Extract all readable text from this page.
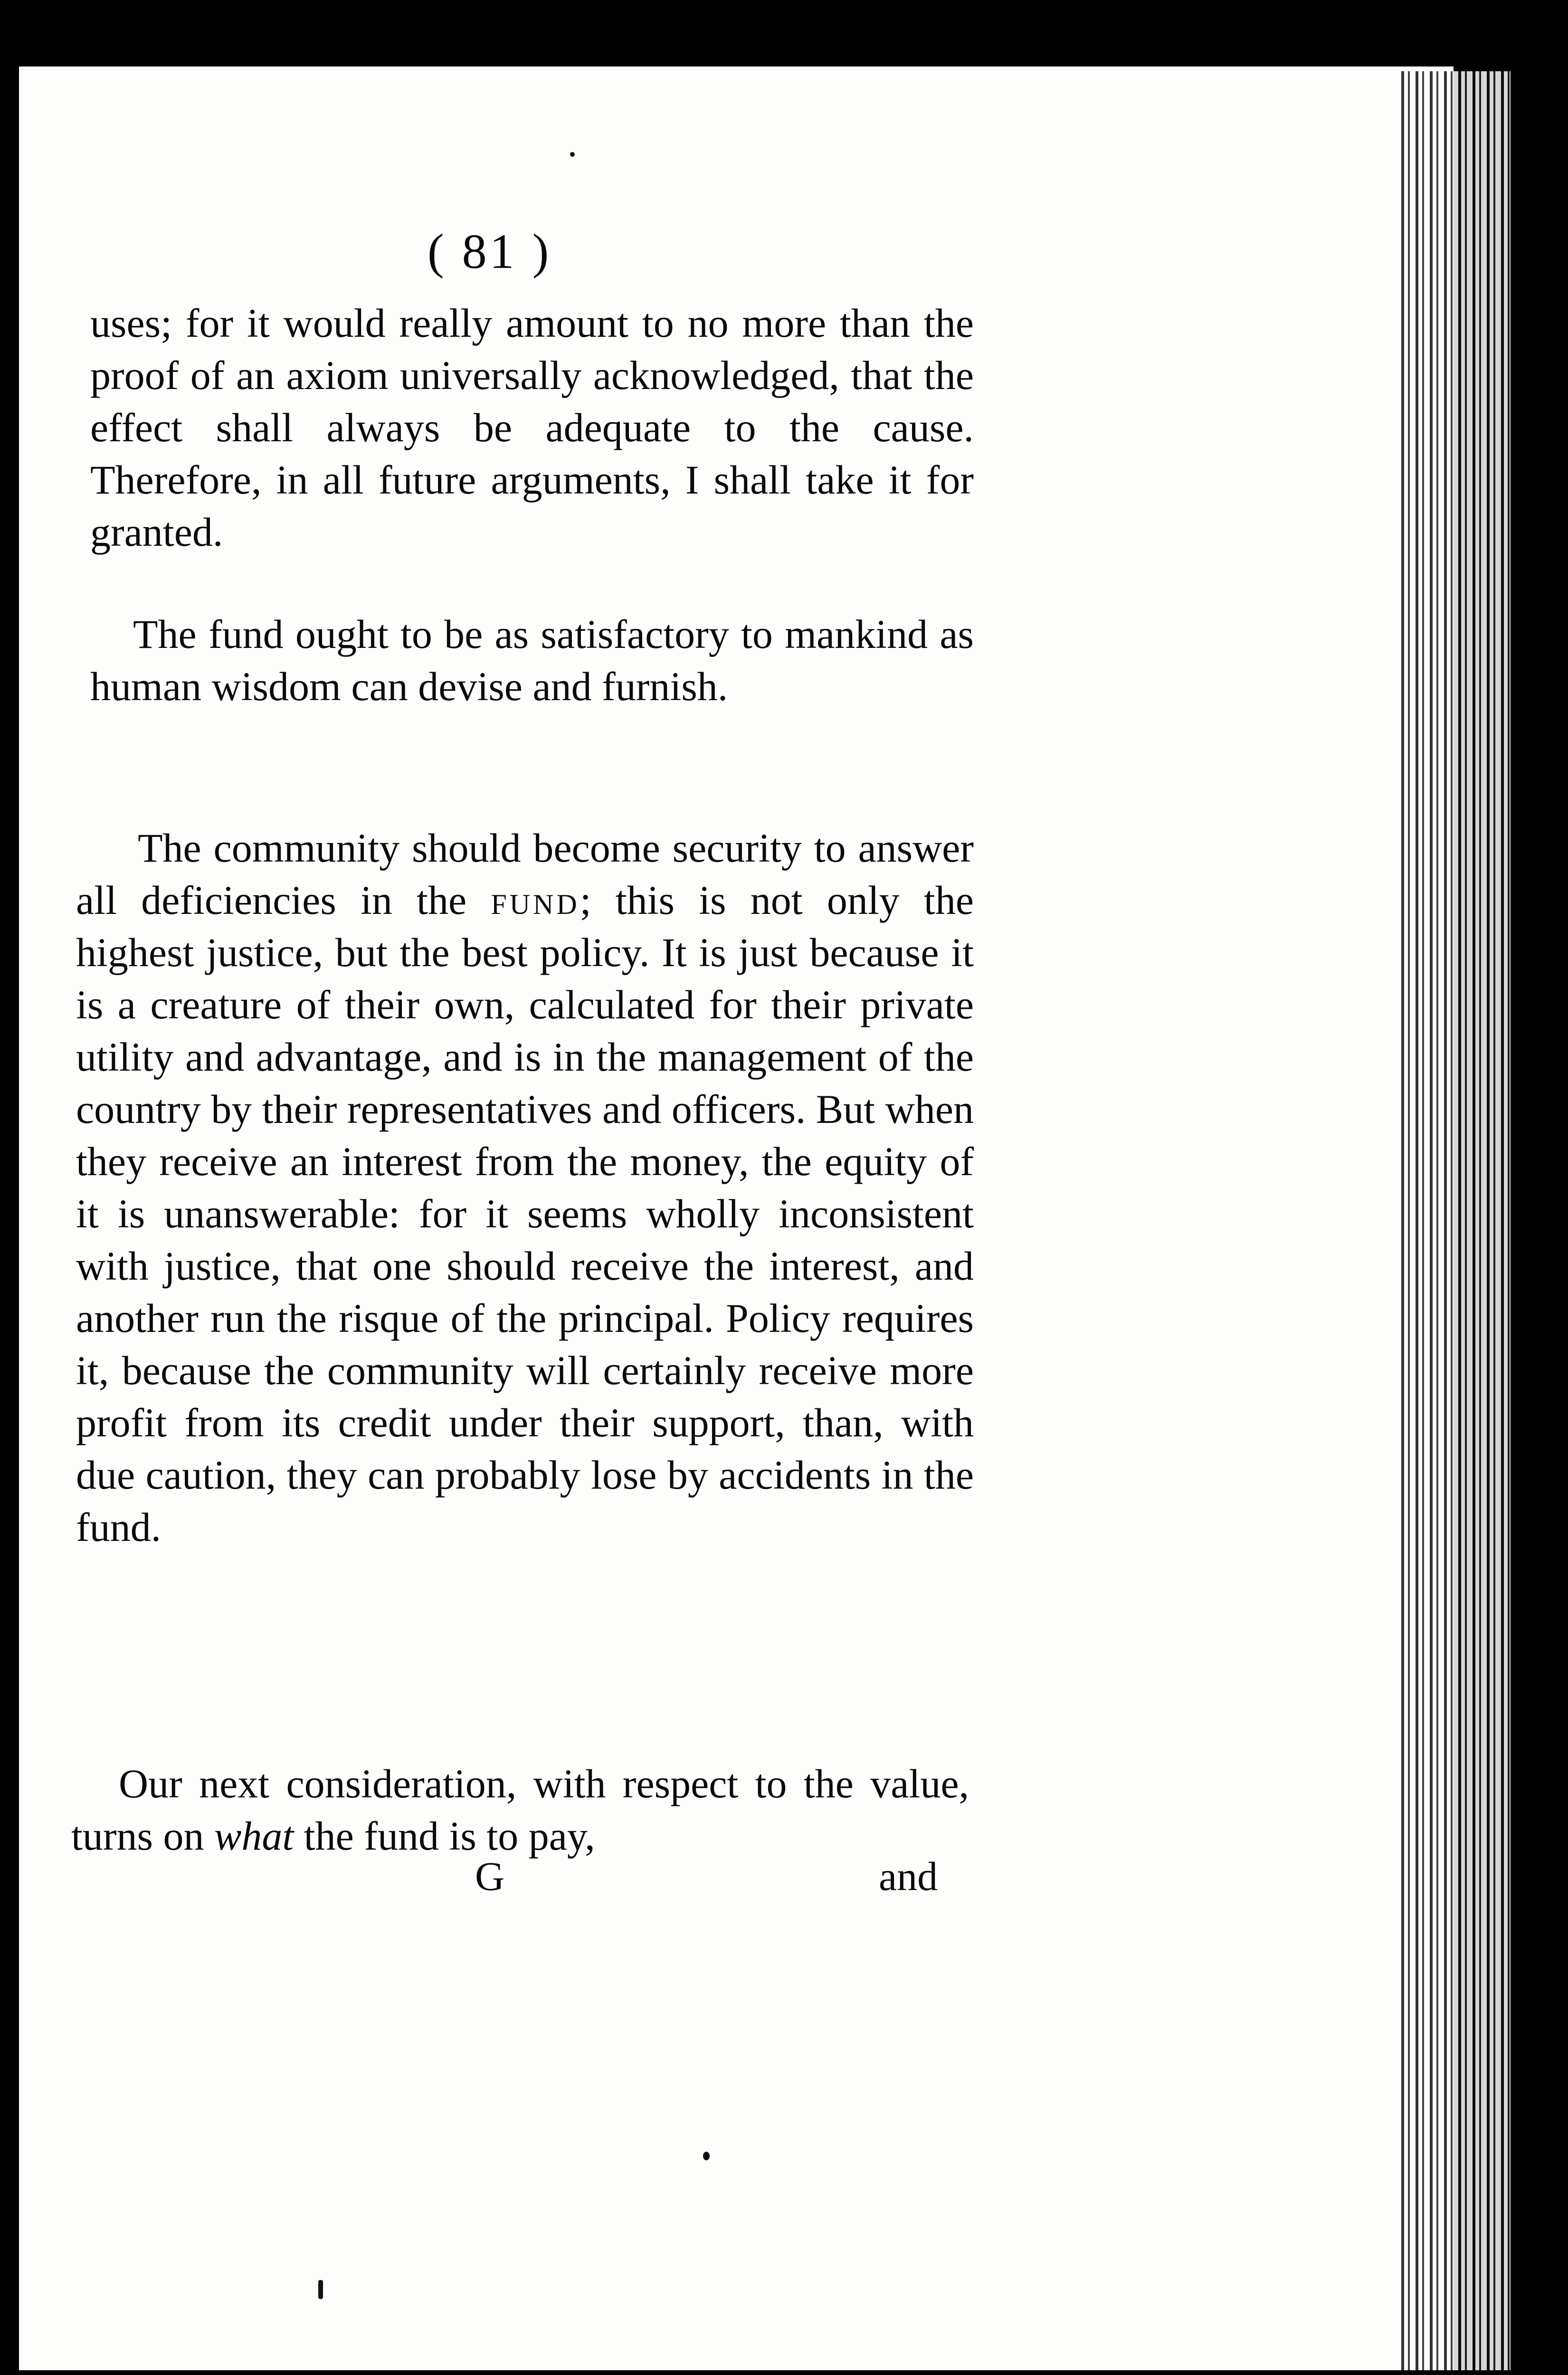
( 81 )

uses; for it would really amount to no more than the proof of an axiom universally acknowledged, that the effect shall always be adequate to the cause. Therefore, in all future arguments, I shall take it for granted.

The fund ought to be as satisfactory to mankind as human wisdom can devise and furnish.

The community should become security to answer all deficiencies in the fund; this is not only the highest justice, but the best policy. It is just because it is a creature of their own, calculated for their private utility and advantage, and is in the management of the country by their representatives and officers. But when they receive an interest from the money, the equity of it is unanswerable: for it seems wholly inconsistent with justice, that one should receive the interest, and another run the risque of the principal. Policy requires it, because the community will certainly receive more profit from its credit under their support, than, with due caution, they can probably lose by accidents in the fund.

Our next consideration, with respect to the value, turns on what the fund is to pay,

G	and
